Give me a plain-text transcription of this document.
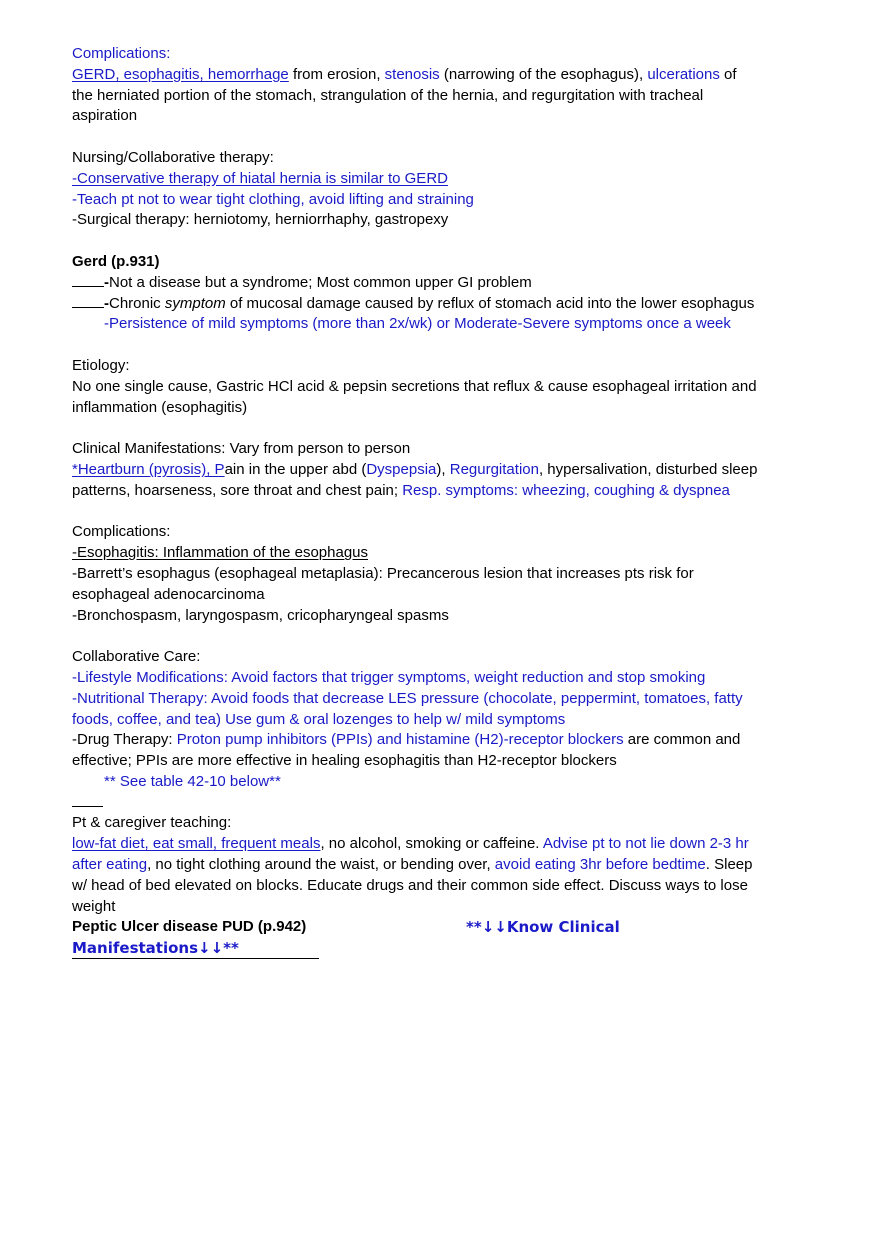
Complications:
GERD, esophagitis, hemorrhage from erosion, stenosis (narrowing of the esophagus), ulcerations of
the herniated portion of the stomach, strangulation of the hernia, and regurgitation with tracheal
aspiration
Nursing/Collaborative therapy:
-Conservative therapy of hiatal hernia is similar to GERD
-Teach pt not to wear tight clothing, avoid lifting and straining
-Surgical therapy: herniotomy, herniorrhaphy, gastropexy
Gerd (p.931)
-Not a disease but a syndrome; Most common upper GI problem
-Chronic symptom of mucosal damage caused by reflux of stomach acid into the lower esophagus
-Persistence of mild symptoms (more than 2x/wk) or Moderate-Severe symptoms once a week
Etiology:
No one single cause, Gastric HCl acid & pepsin secretions that reflux & cause esophageal irritation and
inflammation (esophagitis)
Clinical Manifestations: Vary from person to person
*Heartburn (pyrosis), Pain in the upper abd (Dyspepsia), Regurgitation, hypersalivation, disturbed sleep
patterns, hoarseness, sore throat and chest pain; Resp. symptoms: wheezing, coughing & dyspnea
Complications:
-Esophagitis: Inflammation of the esophagus
-Barrett’s esophagus (esophageal metaplasia): Precancerous lesion that increases pts risk for
esophageal adenocarcinoma
-Bronchospasm, laryngospasm, cricopharyngeal spasms
Collaborative Care:
-Lifestyle Modifications: Avoid factors that trigger symptoms, weight reduction and stop smoking
-Nutritional Therapy: Avoid foods that decrease LES pressure (chocolate, peppermint, tomatoes, fatty
foods, coffee, and tea) Use gum & oral lozenges to help w/ mild symptoms
-Drug Therapy: Proton pump inhibitors (PPIs) and histamine (H2)-receptor blockers are common and
effective; PPIs are more effective in healing esophagitis than H2-receptor blockers
** See table 42-10 below**
Pt & caregiver teaching:
low-fat diet, eat small, frequent meals, no alcohol, smoking or caffeine. Advise pt to not lie down 2-3 hr
after eating, no tight clothing around the waist, or bending over, avoid eating 3hr before bedtime. Sleep
w/ head of bed elevated on blocks. Educate drugs and their common side effect. Discuss ways to lose
weight
Peptic Ulcer disease PUD (p.942)	**↓↓Know Clinical
Manifestations↓↓**
